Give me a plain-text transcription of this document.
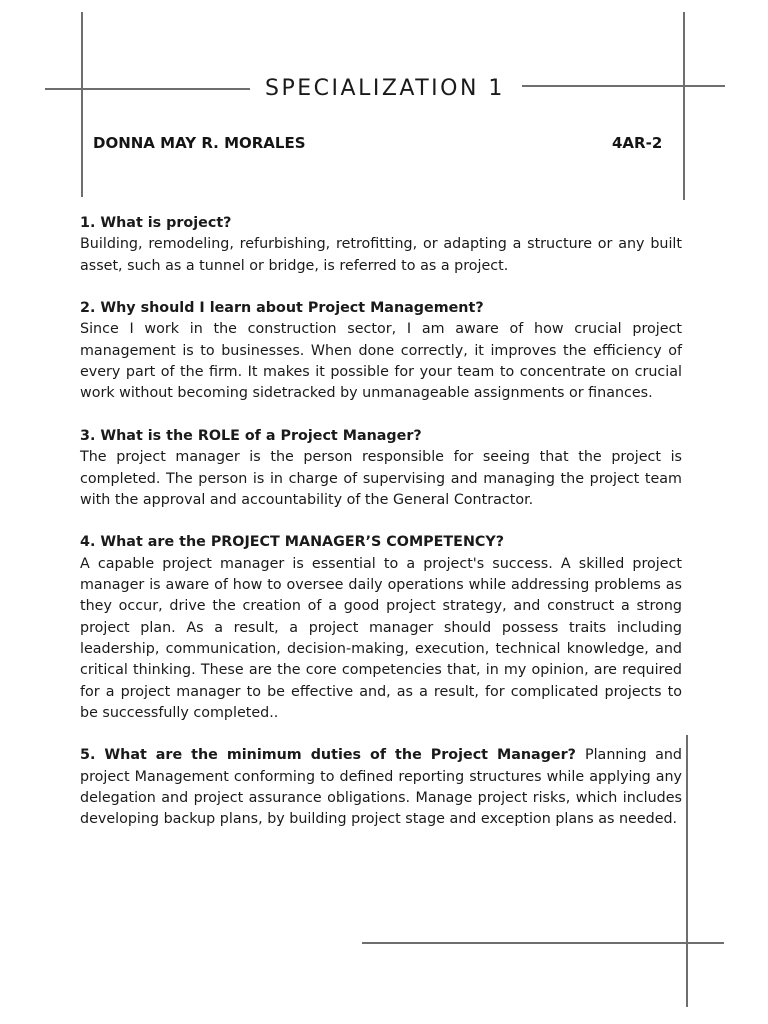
SPECIALIZATION 1
DONNA MAY R. MORALES	4AR-2
1. What is project?
Building, remodeling, refurbishing, retrofitting, or adapting a structure or any built asset, such as a tunnel or bridge, is referred to as a project.
2. Why should I learn about Project Management?
Since I work in the construction sector, I am aware of how crucial project management is to businesses. When done correctly, it improves the efficiency of every part of the firm. It makes it possible for your team to concentrate on crucial work without becoming sidetracked by unmanageable assignments or finances.
3. What is the ROLE of a Project Manager?
The project manager is the person responsible for seeing that the project is completed. The person is in charge of supervising and managing the project team with the approval and accountability of the General Contractor.
4. What are the PROJECT MANAGER’S COMPETENCY?
A capable project manager is essential to a project's success. A skilled project manager is aware of how to oversee daily operations while addressing problems as they occur, drive the creation of a good project strategy, and construct a strong project plan. As a result, a project manager should possess traits including leadership, communication, decision-making, execution, technical knowledge, and critical thinking. These are the core competencies that, in my opinion, are required for a project manager to be effective and, as a result, for complicated projects to be successfully completed..
5. What are the minimum duties of the Project Manager? Planning and project Management conforming to defined reporting structures while applying any delegation and project assurance obligations. Manage project risks, which includes developing backup plans, by building project stage and exception plans as needed.
